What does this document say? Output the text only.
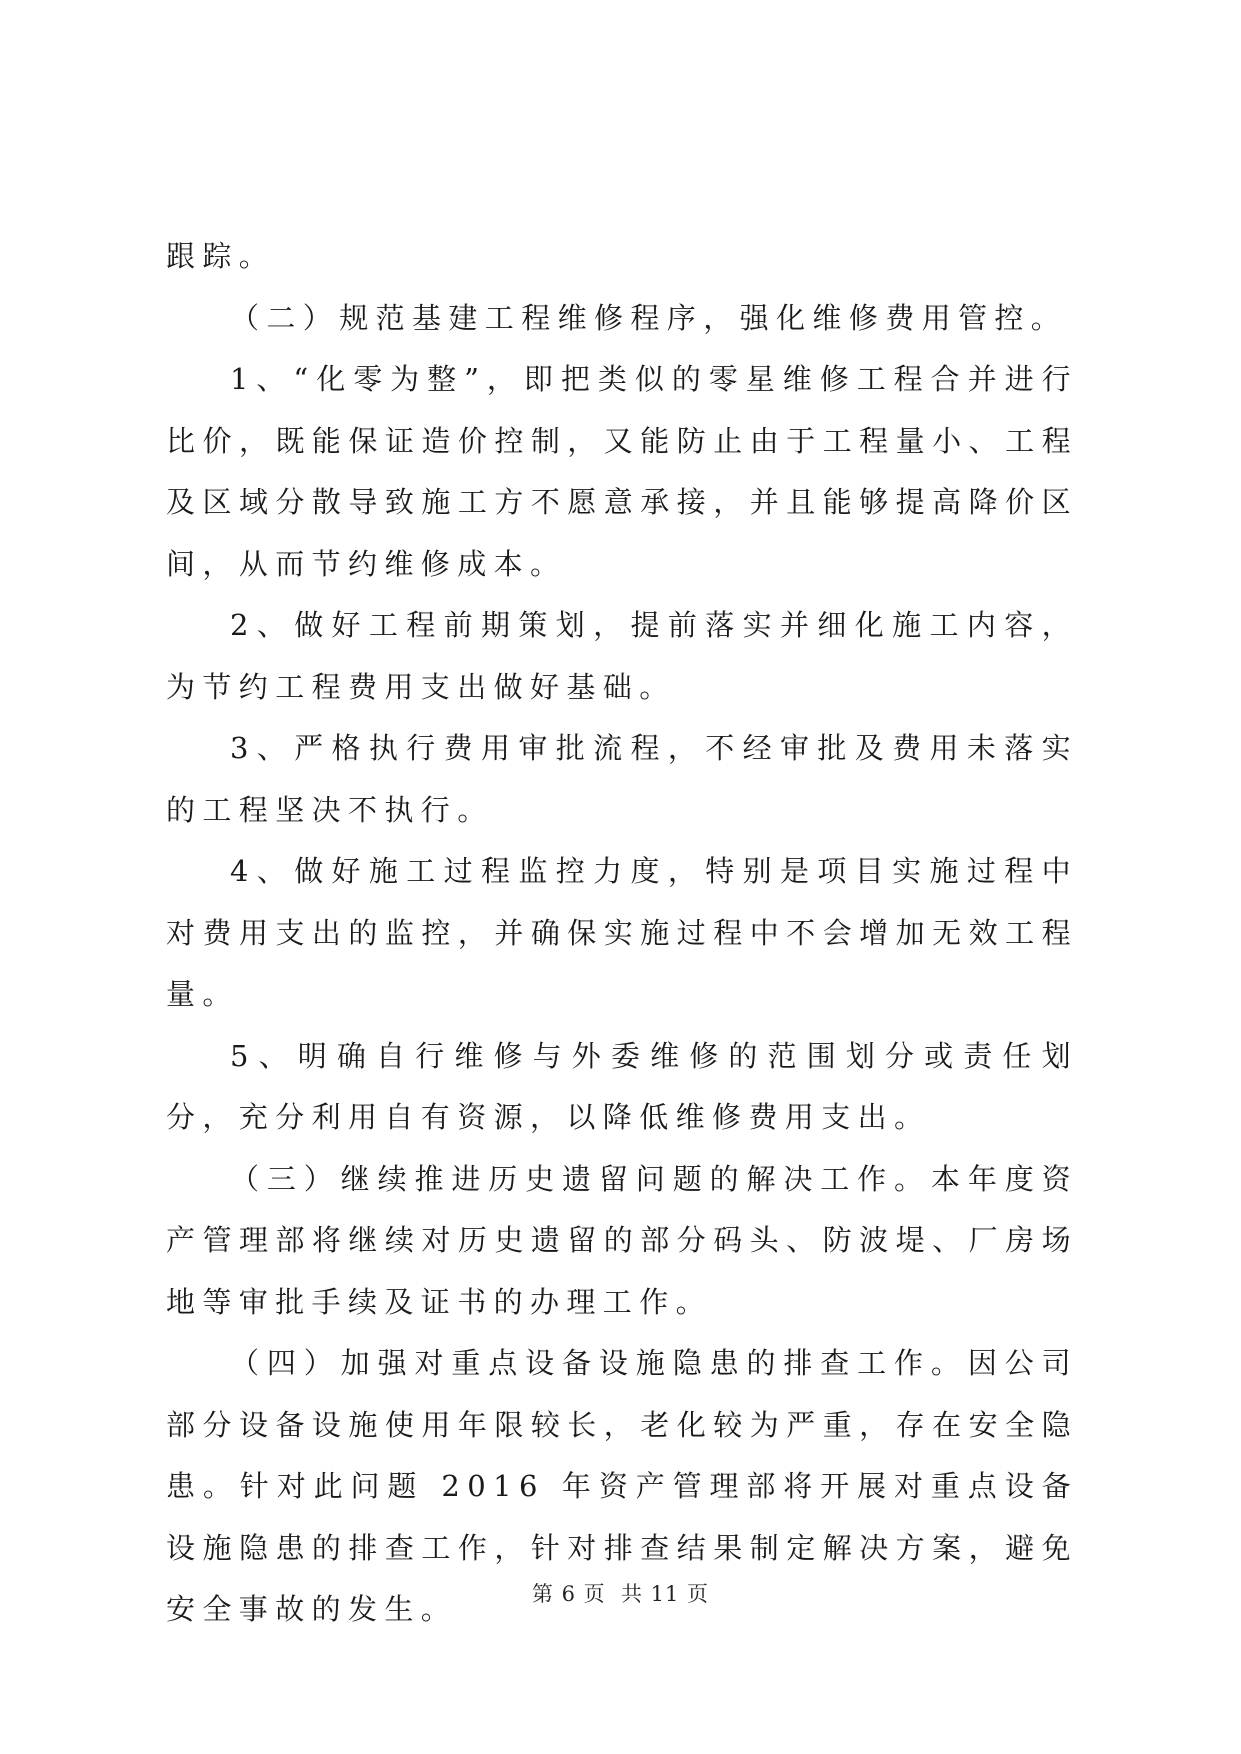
跟踪。

（二）规范基建工程维修程序，强化维修费用管控。

1、“化零为整”，即把类似的零星维修工程合并进行比价，既能保证造价控制，又能防止由于工程量小、工程及区域分散导致施工方不愿意承接，并且能够提高降价区间，从而节约维修成本。

2、做好工程前期策划，提前落实并细化施工内容，为节约工程费用支出做好基础。

3、严格执行费用审批流程，不经审批及费用未落实的工程坚决不执行。

4、做好施工过程监控力度，特别是项目实施过程中对费用支出的监控，并确保实施过程中不会增加无效工程量。

5、明确自行维修与外委维修的范围划分或责任划分，充分利用自有资源，以降低维修费用支出。

（三）继续推进历史遗留问题的解决工作。本年度资产管理部将继续对历史遗留的部分码头、防波堤、厂房场地等审批手续及证书的办理工作。

（四）加强对重点设备设施隐患的排查工作。因公司部分设备设施使用年限较长，老化较为严重，存在安全隐患。针对此问题 2016 年资产管理部将开展对重点设备设施隐患的排查工作，针对排查结果制定解决方案，避免安全事故的发生。	第 6 页  共 11 页
